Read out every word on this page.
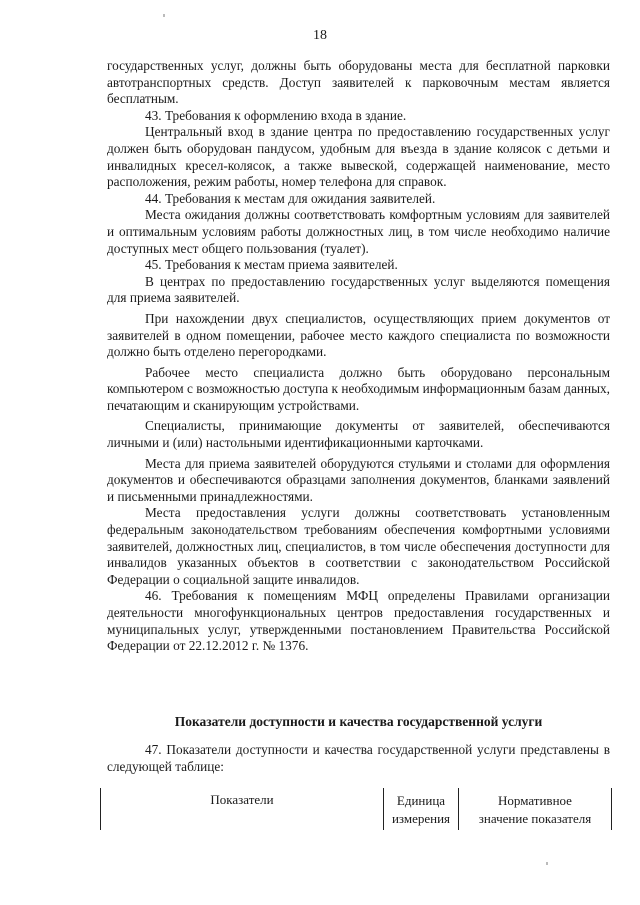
18

государственных услуг, должны быть оборудованы места для бесплатной парковки автотранспортных средств. Доступ заявителей к парковочным местам является бесплатным.

43. Требования к оформлению входа в здание.

Центральный вход в здание центра по предоставлению государственных услуг должен быть оборудован пандусом, удобным для въезда в здание колясок с детьми и инвалидных кресел-колясок, а также вывеской, содержащей наименование, место расположения, режим работы, номер телефона для справок.

44. Требования к местам для ожидания заявителей.

Места ожидания должны соответствовать комфортным условиям для заявителей и оптимальным условиям работы должностных лиц, в том числе необходимо наличие доступных мест общего пользования (туалет).

45. Требования к местам приема заявителей.

В центрах по предоставлению государственных услуг выделяются помещения для приема заявителей.

При нахождении двух специалистов, осуществляющих прием документов от заявителей в одном помещении, рабочее место каждого специалиста по возможности должно быть отделено перегородками.

Рабочее место специалиста должно быть оборудовано персональным компьютером с возможностью доступа к необходимым информационным базам данных, печатающим и сканирующим устройствами.

Специалисты, принимающие документы от заявителей, обеспечиваются личными и (или) настольными идентификационными карточками.

Места для приема заявителей оборудуются стульями и столами для оформления документов и обеспечиваются образцами заполнения документов, бланками заявлений и письменными принадлежностями.

Места предоставления услуги должны соответствовать установленным федеральным законодательством требованиям обеспечения комфортными условиями заявителей, должностных лиц, специалистов, в том числе обеспечения доступности для инвалидов указанных объектов в соответствии с законодательством Российской Федерации о социальной защите инвалидов.

46. Требования к помещениям МФЦ определены Правилами организации деятельности многофункциональных центров предоставления государственных и муниципальных услуг, утвержденными постановлением Правительства Российской Федерации от 22.12.2012 г. № 1376.

Показатели доступности и качества государственной услуги

47. Показатели доступности и качества государственной услуги представлены в следующей таблице:

Показатели	Единица
измерения
Нормативное
значение показателя
